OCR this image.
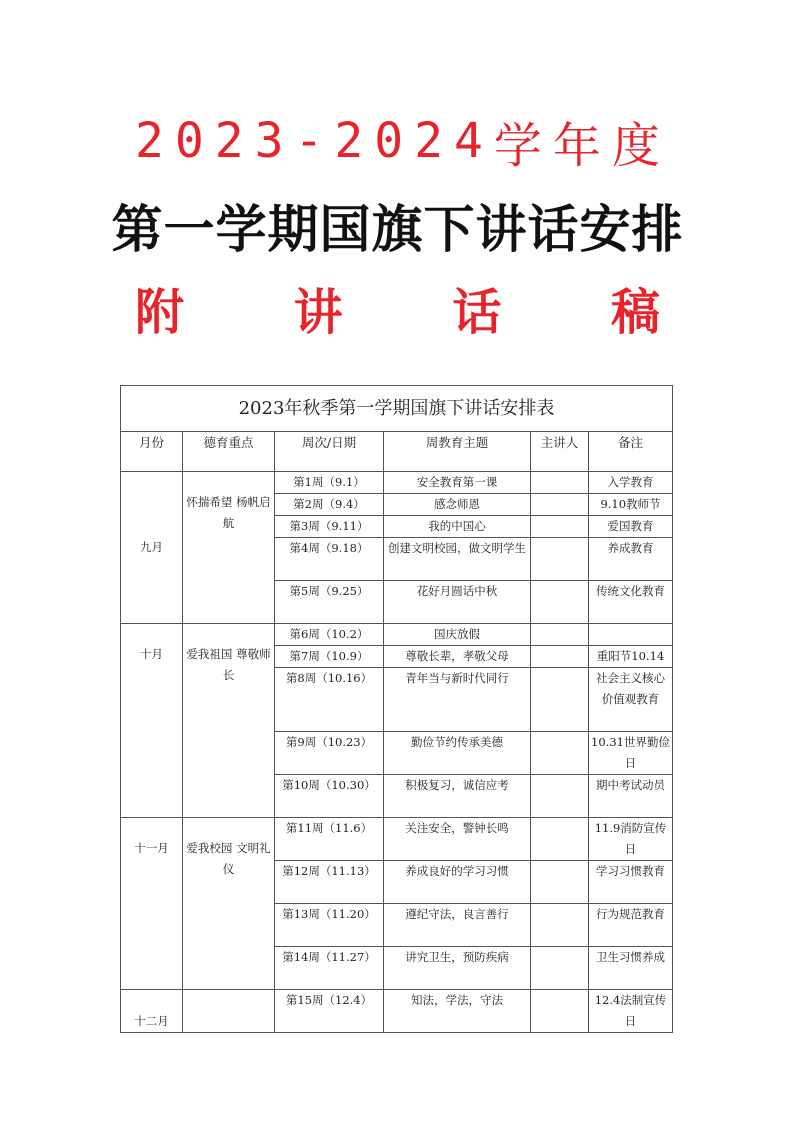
2 0 2 3 - 2 0 2 4 学 年 度
第一学期国旗下讲话安排
附 讲 话 稿
2023年秋季第一学期国旗下讲话安排表					
月份	德育重点	周次/日期	周教育主题	主讲人	备注
九月	怀揣希望 杨帆启航	第1周（9.1）	安全教育第一课		入学教育
		第2周（9.4）	感念师恩		9.10教师节
		第3周（9.11）	我的中国心		爱国教育
		第4周（9.18）	创建文明校园，做文明学生		养成教育
		第5周（9.25）	花好月圆话中秋		传统文化教育
十月	爱我祖国 尊敬师长	第6周（10.2）	国庆放假		
		第7周（10.9）	尊敬长辈，孝敬父母		重阳节10.14
		第8周（10.16）	青年当与新时代同行		社会主义核心价值观教育
		第9周（10.23）	勤俭节约传承美德		10.31世界勤俭日
		第10周（10.30）	积极复习，诚信应考		期中考试动员
十一月	爱我校园 文明礼仪	第11周（11.6）	关注安全，警钟长鸣		11.9消防宣传日
		第12周（11.13）	养成良好的学习习惯		学习习惯教育
		第13周（11.20）	遵纪守法，良言善行		行为规范教育
		第14周（11.27）	讲究卫生，预防疾病		卫生习惯养成
十二月		第15周（12.4）	知法，学法，守法		12.4法制宣传日
